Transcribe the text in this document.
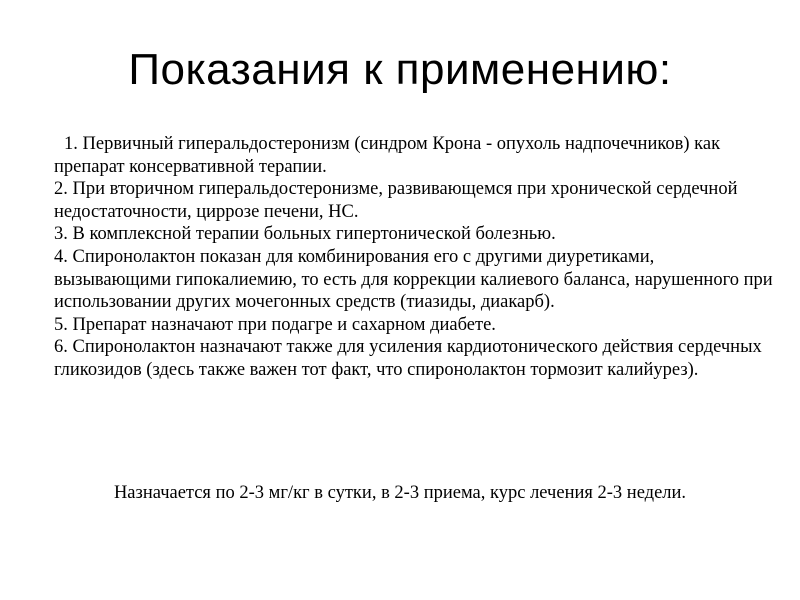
Показания к применению:

1. Первичный гиперальдостеронизм (синдром Крона - опухоль надпочечников) как препарат консервативной терапии.

2. При вторичном гиперальдостеронизме, развивающемся при хронической сердечной недостаточности, циррозе печени, НС.

3. В комплексной терапии больных гипертонической болезнью.

4. Спиронолактон показан для комбинирования его с другими диуретиками, вызывающими гипокалиемию, то есть для коррекции калиевого баланса, нарушенного при использовании других мочегонных средств (тиазиды, диакарб).

5. Препарат назначают при подагре и сахарном диабете.

6. Спиронолактон назначают также для усиления кардиотонического действия сердечных гликозидов (здесь также важен тот факт, что спиронолактон тормозит калийурез).

Назначается по 2-3 мг/кг в сутки, в 2-3 приема, курс лечения 2-3 недели.
